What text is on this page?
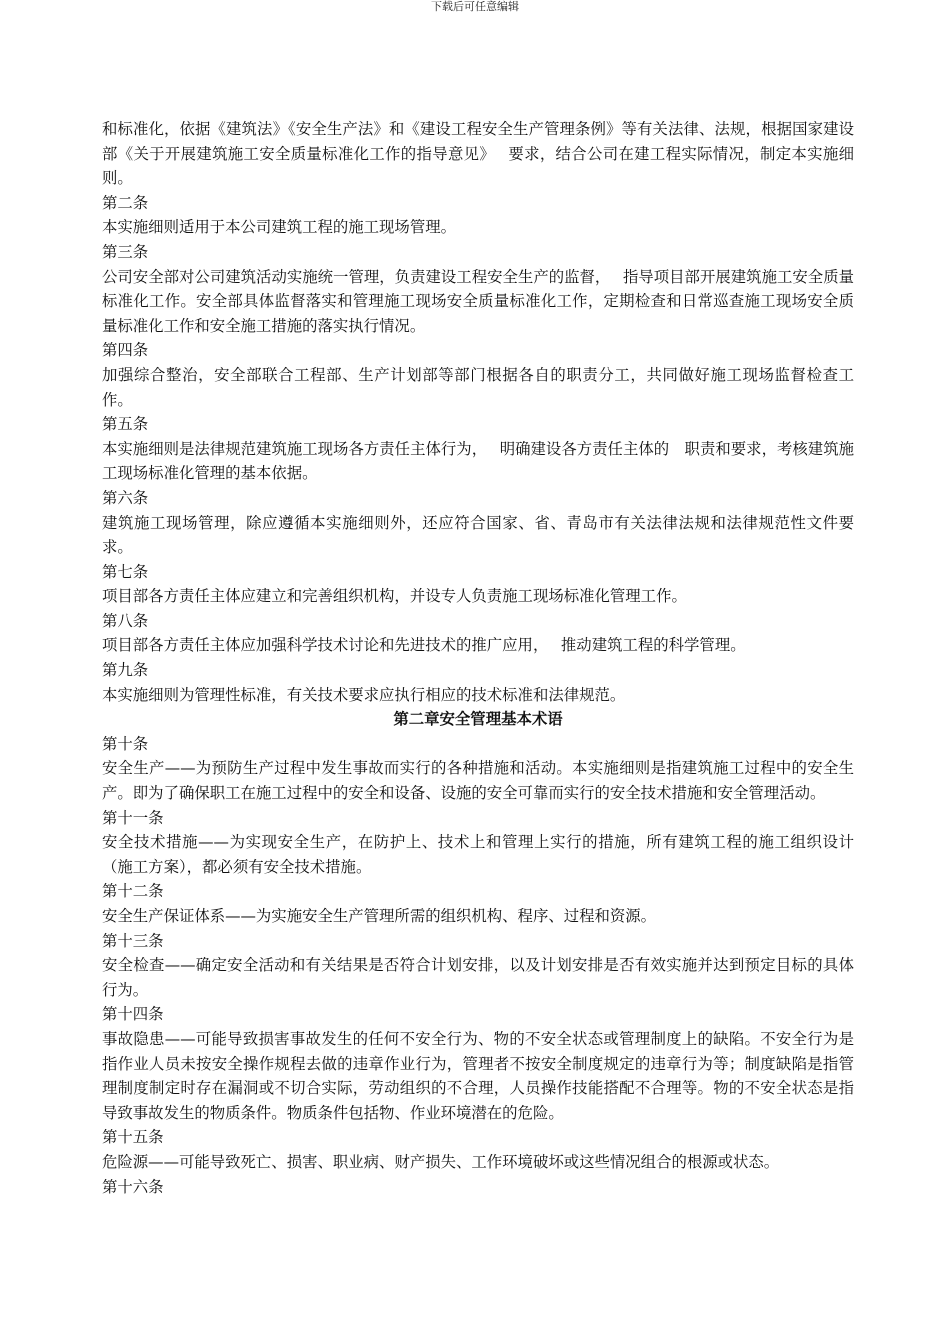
下载后可任意编辑

和标准化，依据《建筑法》《安全生产法》和《建设工程安全生产管理条例》等有关法律、法规，根据国家建设部《关于开展建筑施工安全质量标准化工作的指导意见》　 要求，结合公司在建工程实际情况，制定本实施细则。

第二条

本实施细则适用于本公司建筑工程的施工现场管理。

第三条

公司安全部对公司建筑活动实施统一管理，负责建设工程安全生产的监督，　 指导项目部开展建筑施工安全质量标准化工作。安全部具体监督落实和管理施工现场安全质量标准化工作，定期检查和日常巡查施工现场安全质量标准化工作和安全施工措施的落实执行情况。

第四条

加强综合整治，安全部联合工程部、生产计划部等部门根据各自的职责分工，共同做好施工现场监督检查工作。

第五条

本实施细则是法律规范建筑施工现场各方责任主体行为，　 明确建设各方责任主体的　职责和要求，考核建筑施工现场标准化管理的基本依据。

第六条

建筑施工现场管理，除应遵循本实施细则外，还应符合国家、省、青岛市有关法律法规和法律规范性文件要求。

第七条

项目部各方责任主体应建立和完善组织机构，并设专人负责施工现场标准化管理工作。

第八条

项目部各方责任主体应加强科学技术讨论和先进技术的推广应用，　 推动建筑工程的科学管理。

第九条

本实施细则为管理性标准，有关技术要求应执行相应的技术标准和法律规范。

第二章安全管理基本术语

第十条

安全生产——为预防生产过程中发生事故而实行的各种措施和活动。本实施细则是指建筑施工过程中的安全生产。即为了确保职工在施工过程中的安全和设备、设施的安全可靠而实行的安全技术措施和安全管理活动。

第十一条

安全技术措施——为实现安全生产，在防护上、技术上和管理上实行的措施，所有建筑工程的施工组织设计（施工方案），都必须有安全技术措施。

第十二条

安全生产保证体系——为实施安全生产管理所需的组织机构、程序、过程和资源。

第十三条

安全检查——确定安全活动和有关结果是否符合计划安排，以及计划安排是否有效实施并达到预定目标的具体行为。

第十四条

事故隐患——可能导致损害事故发生的任何不安全行为、物的不安全状态或管理制度上的缺陷。不安全行为是指作业人员未按安全操作规程去做的违章作业行为，管理者不按安全制度规定的违章行为等；制度缺陷是指管理制度制定时存在漏洞或不切合实际，劳动组织的不合理，人员操作技能搭配不合理等。物的不安全状态是指导致事故发生的物质条件。物质条件包括物、作业环境潜在的危险。

第十五条

危险源——可能导致死亡、损害、职业病、财产损失、工作环境破坏或这些情况组合的根源或状态。

第十六条
